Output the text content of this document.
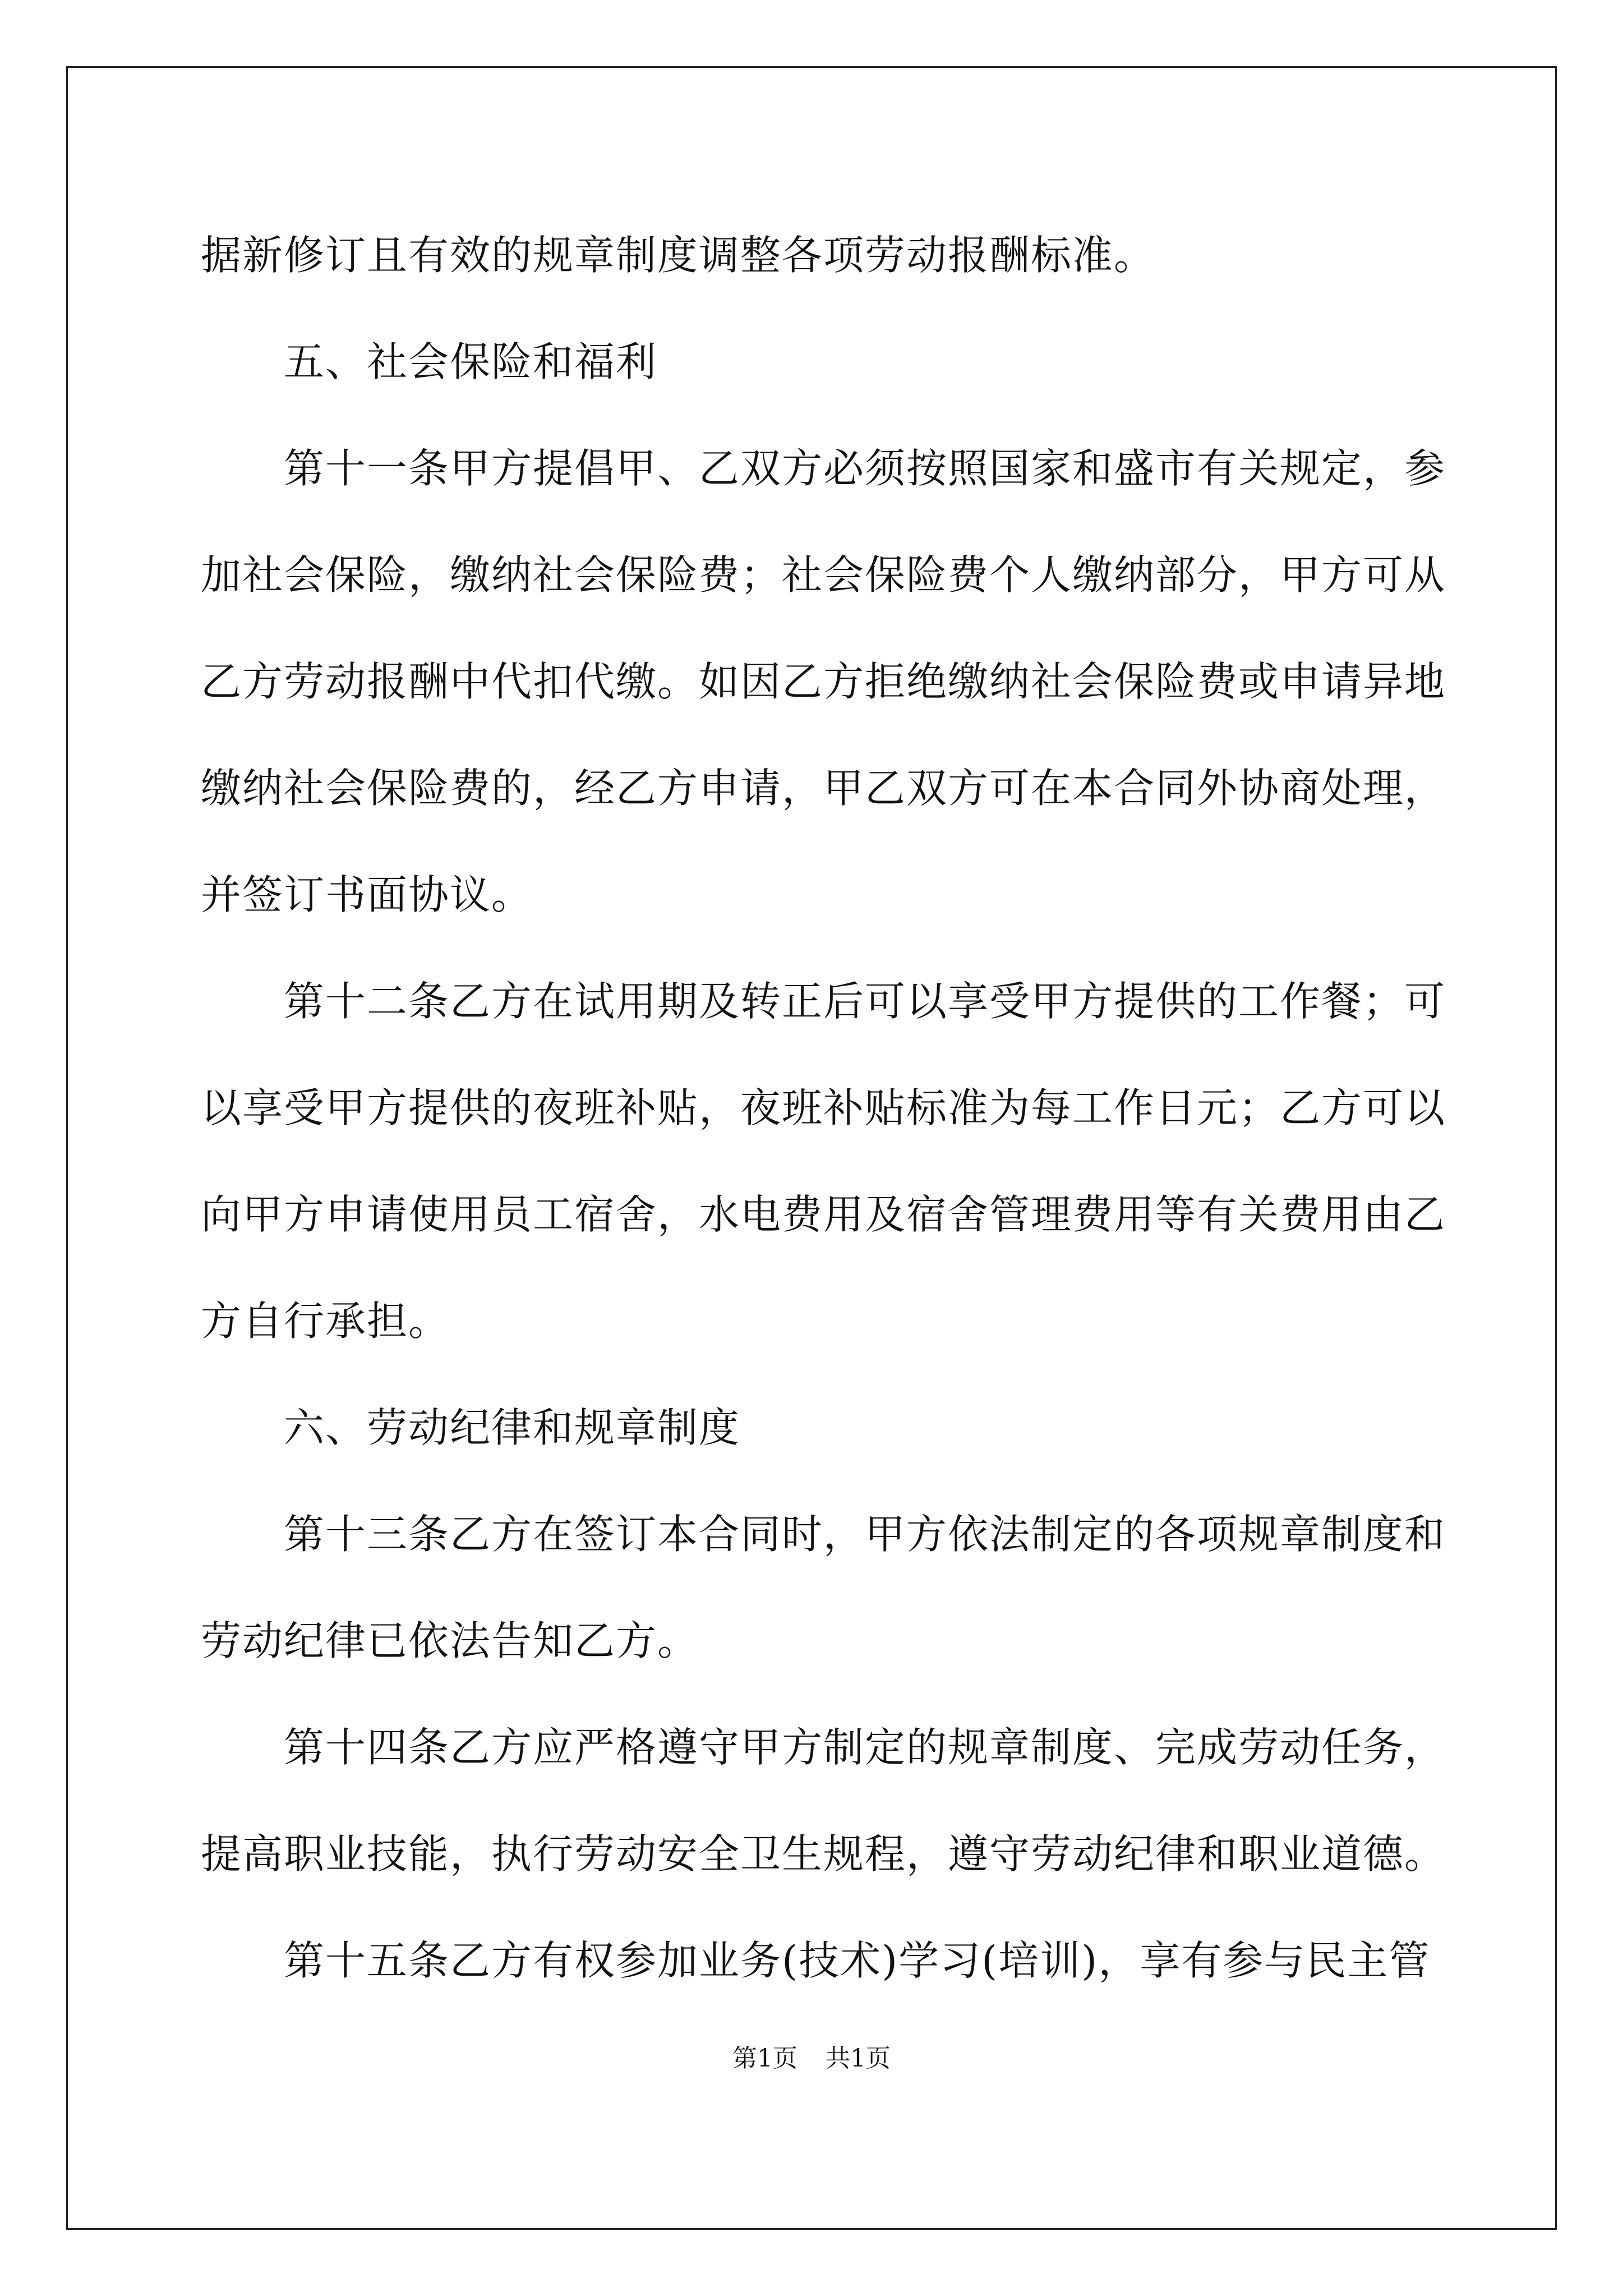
据新修订且有效的规章制度调整各项劳动报酬标准。
五、社会保险和福利
第十一条甲方提倡甲、乙双方必须按照国家和盛市有关规定，参
加社会保险，缴纳社会保险费；社会保险费个人缴纳部分，甲方可从
乙方劳动报酬中代扣代缴。如因乙方拒绝缴纳社会保险费或申请异地
缴纳社会保险费的，经乙方申请，甲乙双方可在本合同外协商处理，
并签订书面协议。
第十二条乙方在试用期及转正后可以享受甲方提供的工作餐；可
以享受甲方提供的夜班补贴，夜班补贴标准为每工作日元；乙方可以
向甲方申请使用员工宿舍，水电费用及宿舍管理费用等有关费用由乙
方自行承担。
六、劳动纪律和规章制度
第十三条乙方在签订本合同时，甲方依法制定的各项规章制度和
劳动纪律已依法告知乙方。
第十四条乙方应严格遵守甲方制定的规章制度、完成劳动任务，
提高职业技能，执行劳动安全卫生规程，遵守劳动纪律和职业道德。
第十五条乙方有权参加业务(技术)学习(培训)，享有参与民主管
第1页 共1页
